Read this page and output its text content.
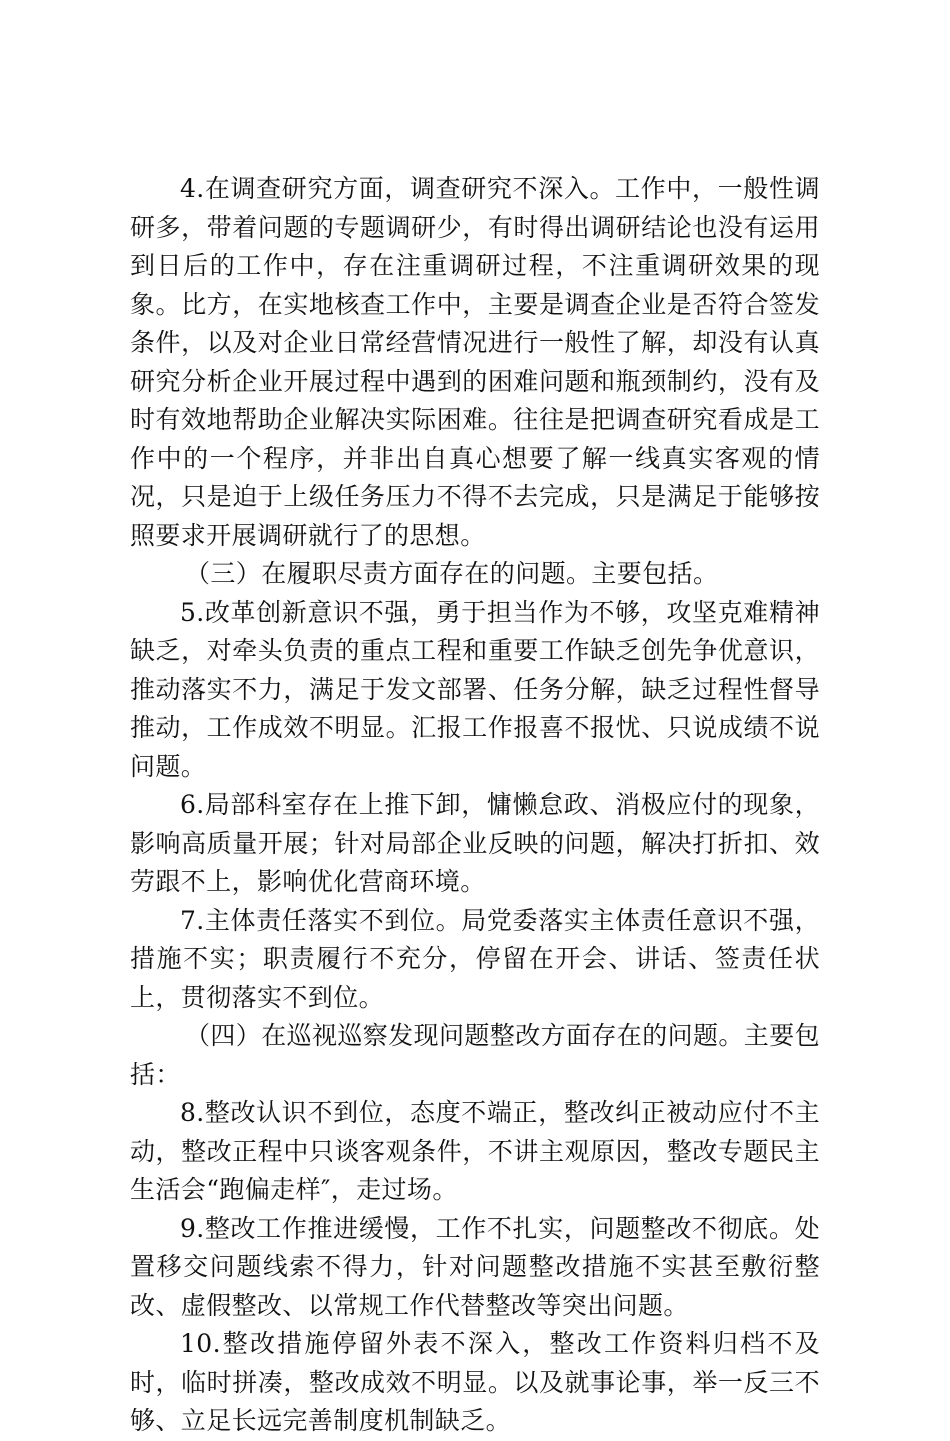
4.在调查研究方面，调查研究不深入。工作中，一般性调研多，带着问题的专题调研少，有时得出调研结论也没有运用到日后的工作中，存在注重调研过程，不注重调研效果的现象。比方，在实地核查工作中，主要是调查企业是否符合签发条件，以及对企业日常经营情况进行一般性了解，却没有认真研究分析企业开展过程中遇到的困难问题和瓶颈制约，没有及时有效地帮助企业解决实际困难。往往是把调查研究看成是工作中的一个程序，并非出自真心想要了解一线真实客观的情况，只是迫于上级任务压力不得不去完成，只是满足于能够按照要求开展调研就行了的思想。

（三）在履职尽责方面存在的问题。主要包括。

5.改革创新意识不强，勇于担当作为不够，攻坚克难精神缺乏，对牵头负责的重点工程和重要工作缺乏创先争优意识，推动落实不力，满足于发文部署、任务分解，缺乏过程性督导推动，工作成效不明显。汇报工作报喜不报忧、只说成绩不说问题。

6.局部科室存在上推下卸，慵懒怠政、消极应付的现象，影响高质量开展；针对局部企业反映的问题，解决打折扣、效劳跟不上，影响优化营商环境。

7.主体责任落实不到位。局党委落实主体责任意识不强，措施不实；职责履行不充分，停留在开会、讲话、签责任状上，贯彻落实不到位。

（四）在巡视巡察发现问题整改方面存在的问题。主要包括：

8.整改认识不到位，态度不端正，整改纠正被动应付不主动，整改正程中只谈客观条件，不讲主观原因，整改专题民主生活会“跑偏走样″，走过场。

9.整改工作推进缓慢，工作不扎实，问题整改不彻底。处置移交问题线索不得力，针对问题整改措施不实甚至敷衍整改、虚假整改、以常规工作代替整改等突出问题。

10.整改措施停留外表不深入，整改工作资料归档不及时，临时拼凑，整改成效不明显。以及就事论事，举一反三不够、立足长远完善制度机制缺乏。
